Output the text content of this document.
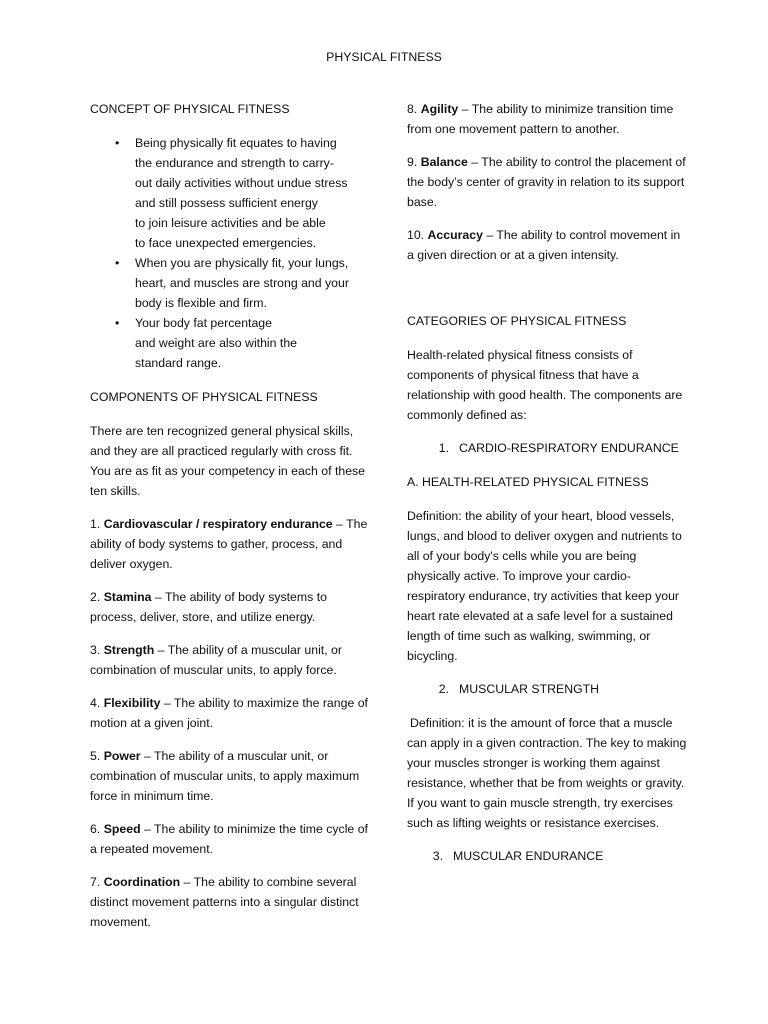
PHYSICAL FITNESS
CONCEPT OF PHYSICAL FITNESS
• Being physically fit equates to having
the endurance and strength to carry-
out daily activities without undue stress
and still possess sufficient energy
to join leisure activities and be able
to face unexpected emergencies.
• When you are physically fit, your lungs,
heart, and muscles are strong and your
body is flexible and firm.
• Your body fat percentage
and weight are also within the
standard range.
COMPONENTS OF PHYSICAL FITNESS
There are ten recognized general physical skills, and they are all practiced regularly with cross fit. You are as fit as your competency in each of these ten skills.
1. Cardiovascular / respiratory endurance – The ability of body systems to gather, process, and deliver oxygen.
2. Stamina – The ability of body systems to process, deliver, store, and utilize energy.
3. Strength – The ability of a muscular unit, or combination of muscular units, to apply force.
4. Flexibility – The ability to maximize the range of motion at a given joint.
5. Power – The ability of a muscular unit, or combination of muscular units, to apply maximum force in minimum time.
6. Speed – The ability to minimize the time cycle of a repeated movement.
7. Coordination – The ability to combine several distinct movement patterns into a singular distinct movement.
8. Agility – The ability to minimize transition time from one movement pattern to another.
9. Balance – The ability to control the placement of the body’s center of gravity in relation to its support base.
10. Accuracy – The ability to control movement in a given direction or at a given intensity.
CATEGORIES OF PHYSICAL FITNESS
Health-related physical fitness consists of components of physical fitness that have a relationship with good health. The components are commonly defined as:
1. CARDIO-RESPIRATORY ENDURANCE
A. HEALTH-RELATED PHYSICAL FITNESS
Definition: the ability of your heart, blood vessels, lungs, and blood to deliver oxygen and nutrients to all of your body's cells while you are being physically active. To improve your cardio-respiratory endurance, try activities that keep your heart rate elevated at a safe level for a sustained length of time such as walking, swimming, or bicycling.
2. MUSCULAR STRENGTH
Definition: it is the amount of force that a muscle can apply in a given contraction. The key to making your muscles stronger is working them against resistance, whether that be from weights or gravity. If you want to gain muscle strength, try exercises such as lifting weights or resistance exercises.
3. MUSCULAR ENDURANCE
